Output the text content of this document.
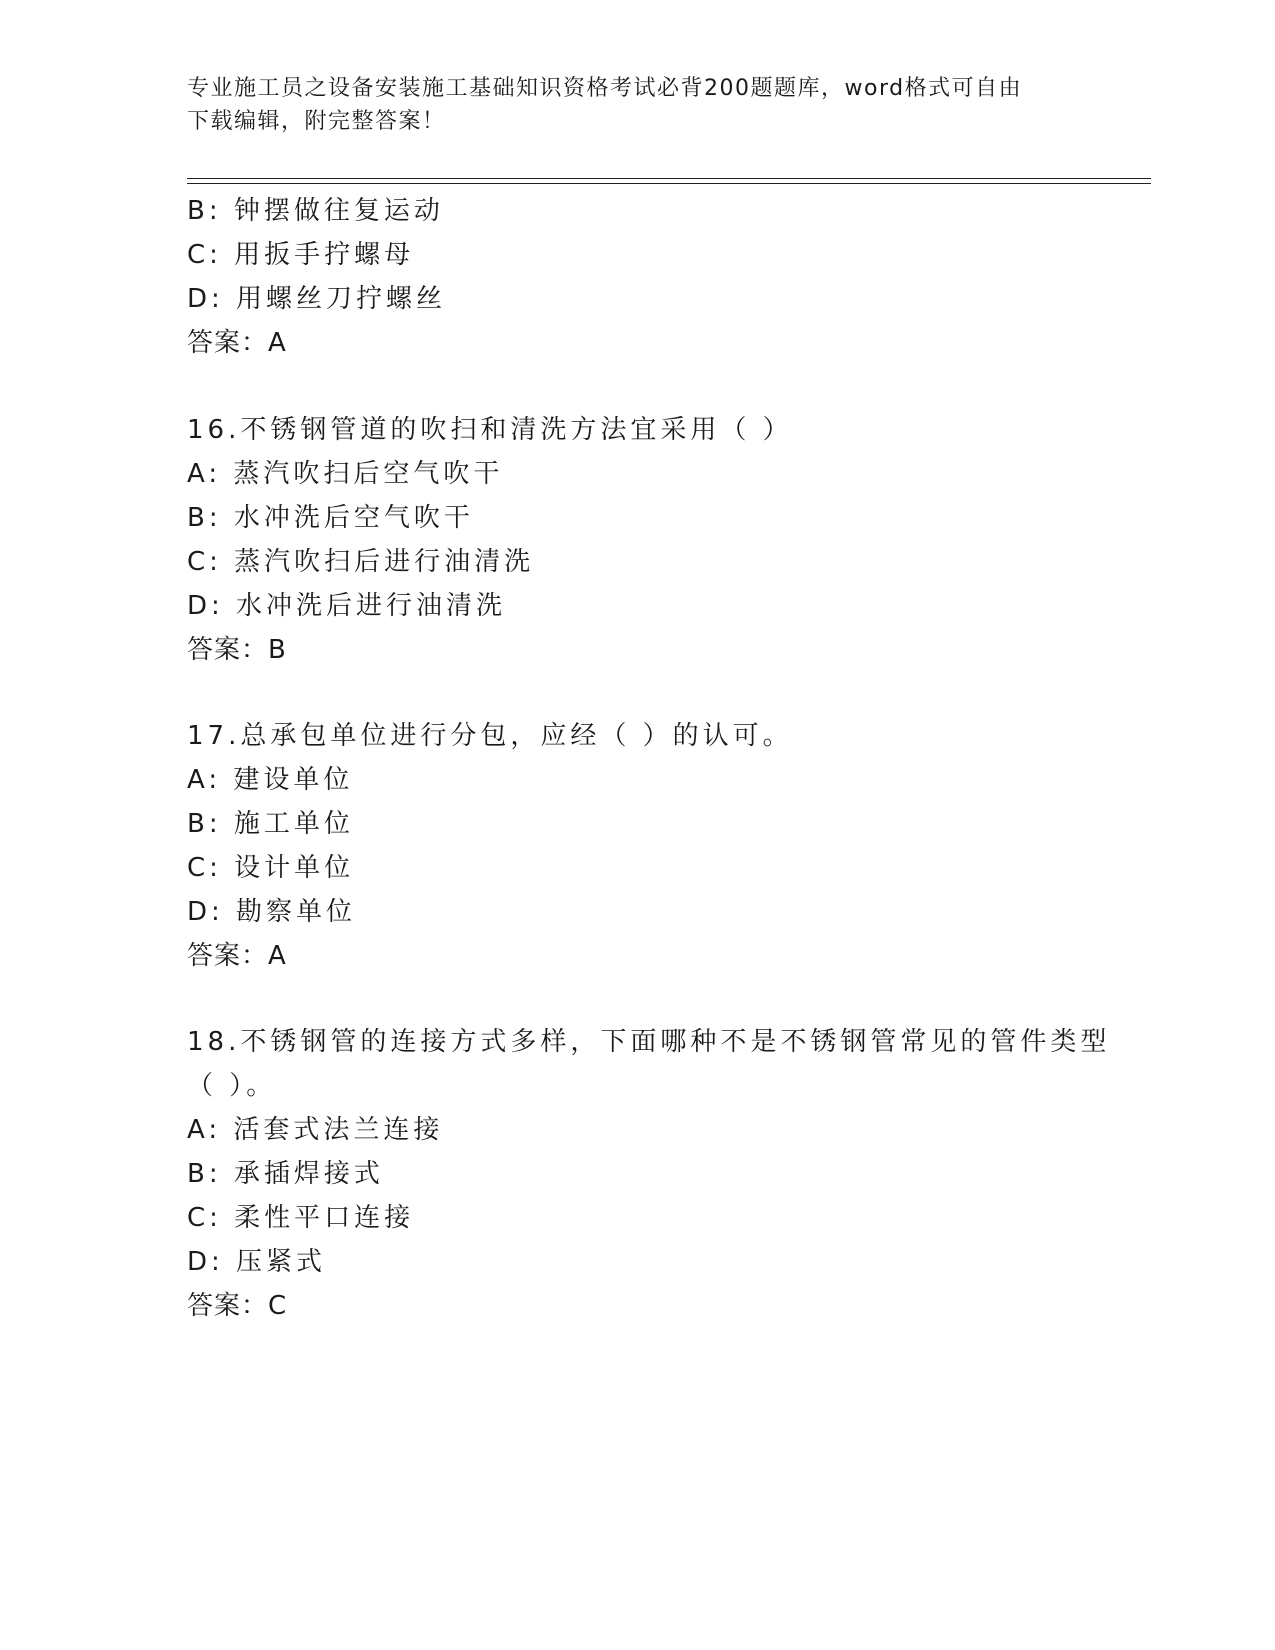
专业施工员之设备安装施工基础知识资格考试必背200题题库，word格式可自由
下载编辑，附完整答案！
B: 钟摆做往复运动
C: 用扳手拧螺母
D: 用螺丝刀拧螺丝
答案：A
16.不锈钢管道的吹扫和清洗方法宜采用（ ）
A: 蒸汽吹扫后空气吹干
B: 水冲洗后空气吹干
C: 蒸汽吹扫后进行油清洗
D: 水冲洗后进行油清洗
答案：B
17.总承包单位进行分包，应经（ ）的认可。
A: 建设单位
B: 施工单位
C: 设计单位
D: 勘察单位
答案：A
18.不锈钢管的连接方式多样，下面哪种不是不锈钢管常见的管件类型
（ ）。
A: 活套式法兰连接
B: 承插焊接式
C: 柔性平口连接
D: 压紧式
答案：C
